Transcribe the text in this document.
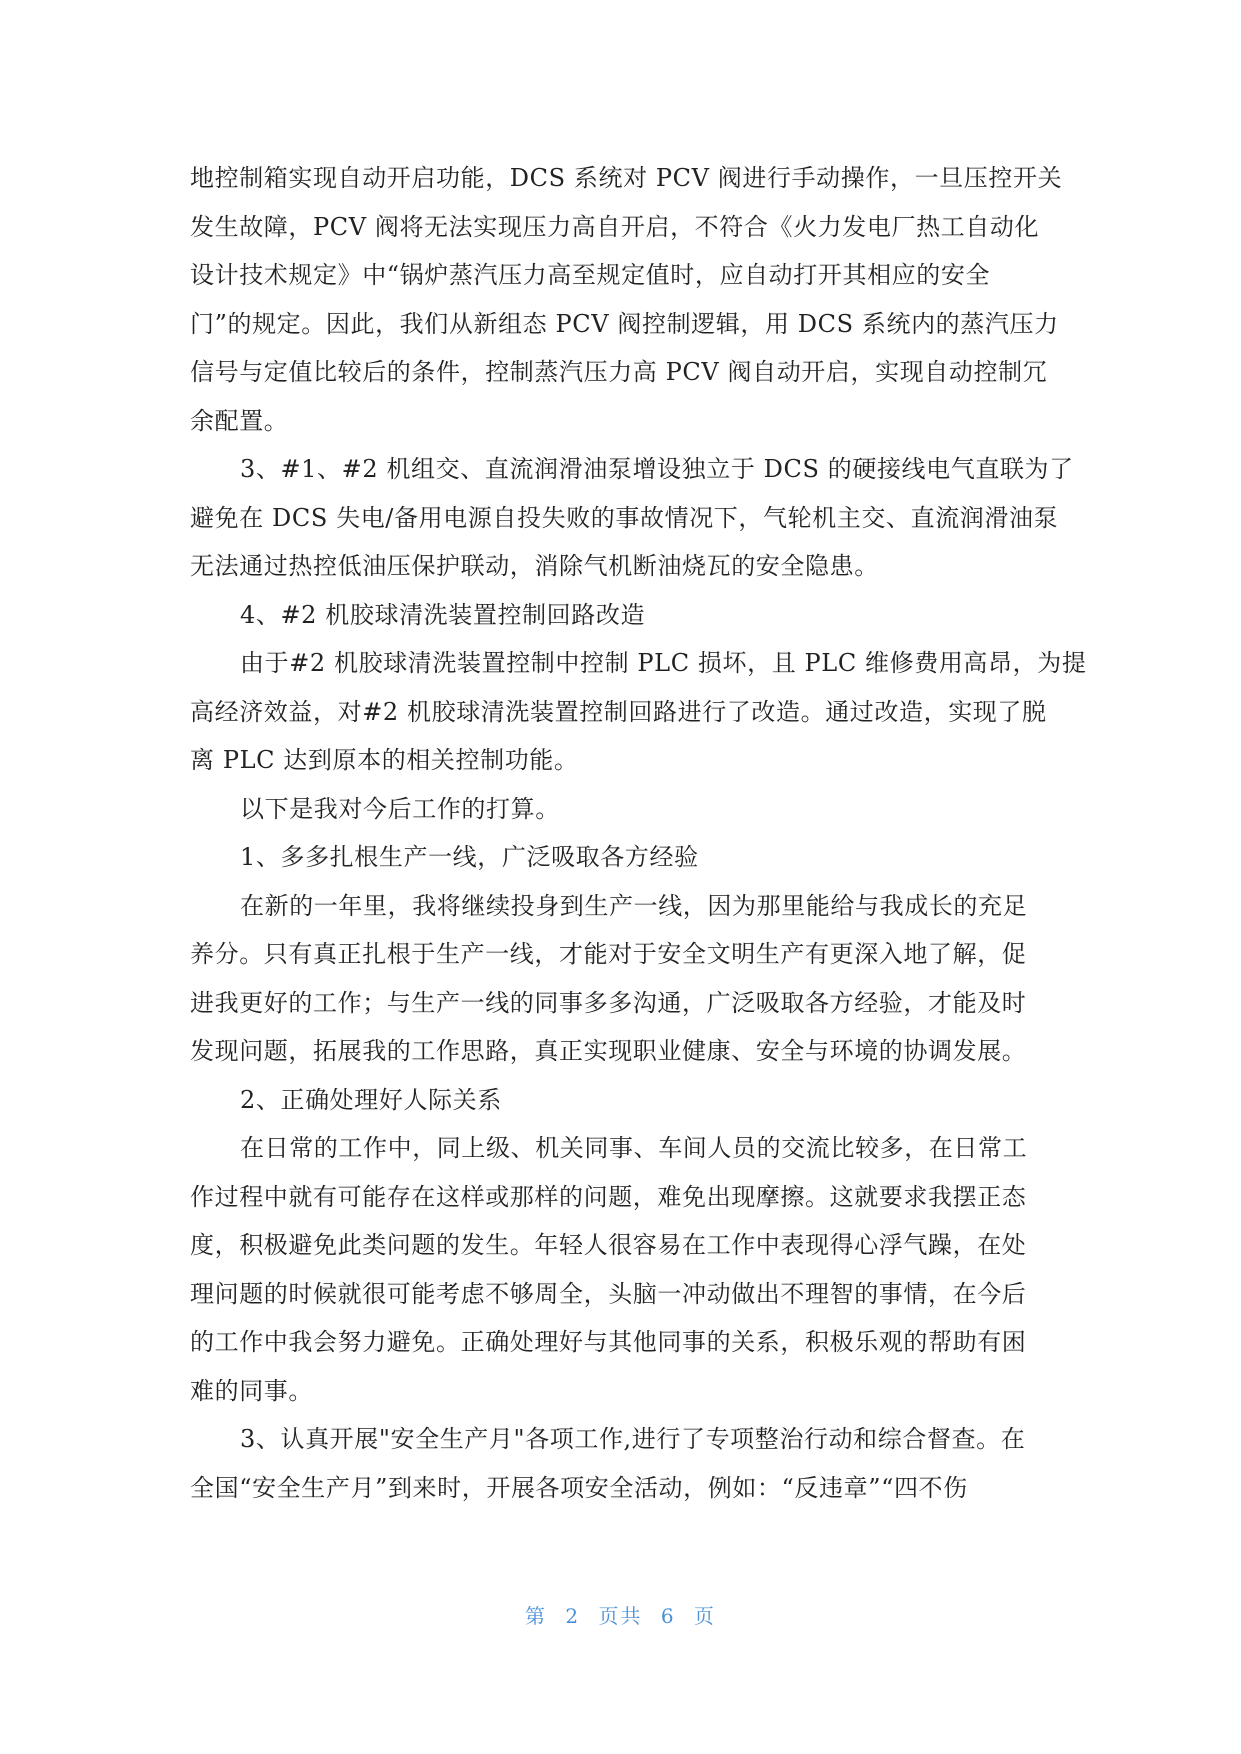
地控制箱实现自动开启功能，DCS 系统对 PCV 阀进行手动操作，一旦压控开关
发生故障，PCV 阀将无法实现压力高自开启，不符合《火力发电厂热工自动化
设计技术规定》中“锅炉蒸汽压力高至规定值时，应自动打开其相应的安全
门”的规定。因此，我们从新组态 PCV 阀控制逻辑，用 DCS 系统内的蒸汽压力
信号与定值比较后的条件，控制蒸汽压力高 PCV 阀自动开启，实现自动控制冗
余配置。
3、#1、#2 机组交、直流润滑油泵增设独立于 DCS 的硬接线电气直联为了
避免在 DCS 失电/备用电源自投失败的事故情况下，气轮机主交、直流润滑油泵
无法通过热控低油压保护联动，消除气机断油烧瓦的安全隐患。
4、#2 机胶球清洗装置控制回路改造
由于#2 机胶球清洗装置控制中控制 PLC 损坏，且 PLC 维修费用高昂，为提
高经济效益，对#2 机胶球清洗装置控制回路进行了改造。通过改造，实现了脱
离 PLC 达到原本的相关控制功能。
以下是我对今后工作的打算。
1、多多扎根生产一线，广泛吸取各方经验
在新的一年里，我将继续投身到生产一线，因为那里能给与我成长的充足
养分。只有真正扎根于生产一线，才能对于安全文明生产有更深入地了解，促
进我更好的工作；与生产一线的同事多多沟通，广泛吸取各方经验，才能及时
发现问题，拓展我的工作思路，真正实现职业健康、安全与环境的协调发展。
2、正确处理好人际关系
在日常的工作中，同上级、机关同事、车间人员的交流比较多，在日常工
作过程中就有可能存在这样或那样的问题，难免出现摩擦。这就要求我摆正态
度，积极避免此类问题的发生。年轻人很容易在工作中表现得心浮气躁，在处
理问题的时候就很可能考虑不够周全，头脑一冲动做出不理智的事情，在今后
的工作中我会努力避免。正确处理好与其他同事的关系，积极乐观的帮助有困
难的同事。
3、认真开展"安全生产月"各项工作,进行了专项整治行动和综合督查。在
全国“安全生产月”到来时，开展各项安全活动，例如：“反违章”“四不伤
第 2 页共 6 页
